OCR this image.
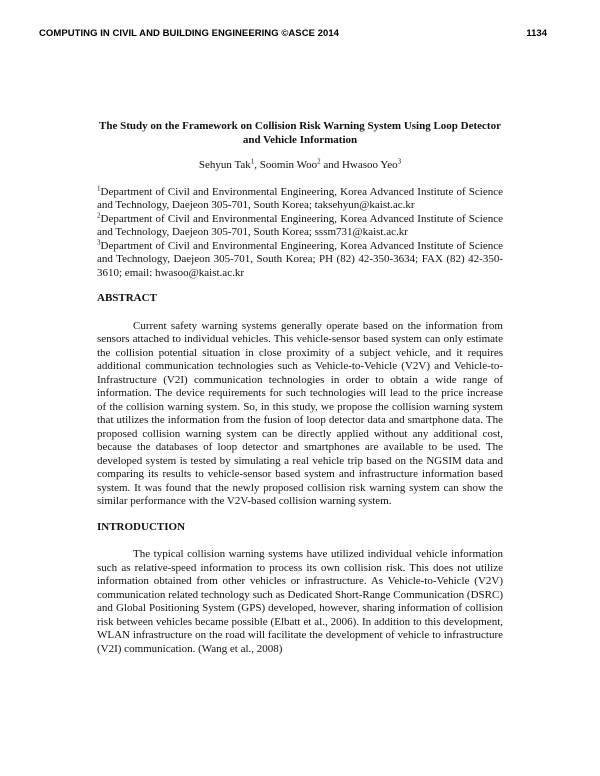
COMPUTING IN CIVIL AND BUILDING ENGINEERING ©ASCE 2014	1134

The Study on the Framework on Collision Risk Warning System Using Loop Detector and Vehicle Information

Sehyun Tak$^1$, Soomin Woo$^2$ and Hwasoo Yeo$^3$

$^1$Department of Civil and Environmental Engineering, Korea Advanced Institute of Science and Technology, Daejeon 305-701, South Korea; taksehyun@kaist.ac.kr

$^2$Department of Civil and Environmental Engineering, Korea Advanced Institute of Science and Technology, Daejeon 305-701, South Korea; sssm731@kaist.ac.kr

$^3$Department of Civil and Environmental Engineering, Korea Advanced Institute of Science and Technology, Daejeon 305-701, South Korea; PH (82) 42-350-3634; FAX (82) 42-350-3610; email: hwasoo@kaist.ac.kr

ABSTRACT

Current safety warning systems generally operate based on the information from sensors attached to individual vehicles. This vehicle-sensor based system can only estimate the collision potential situation in close proximity of a subject vehicle, and it requires additional communication technologies such as Vehicle-to-Vehicle (V2V) and Vehicle-to-Infrastructure (V2I) communication technologies in order to obtain a wide range of information. The device requirements for such technologies will lead to the price increase of the collision warning system. So, in this study, we propose the collision warning system that utilizes the information from the fusion of loop detector data and smartphone data. The proposed collision warning system can be directly applied without any additional cost, because the databases of loop detector and smartphones are available to be used. The developed system is tested by simulating a real vehicle trip based on the NGSIM data and comparing its results to vehicle-sensor based system and infrastructure information based system. It was found that the newly proposed collision risk warning system can show the similar performance with the V2V-based collision warning system.

INTRODUCTION

The typical collision warning systems have utilized individual vehicle information such as relative-speed information to process its own collision risk. This does not utilize information obtained from other vehicles or infrastructure. As Vehicle-to-Vehicle (V2V) communication related technology such as Dedicated Short-Range Communication (DSRC) and Global Positioning System (GPS) developed, however, sharing information of collision risk between vehicles became possible (Elbatt et al., 2006). In addition to this development, WLAN infrastructure on the road will facilitate the development of vehicle to infrastructure (V2I) communication. (Wang et al., 2008)
